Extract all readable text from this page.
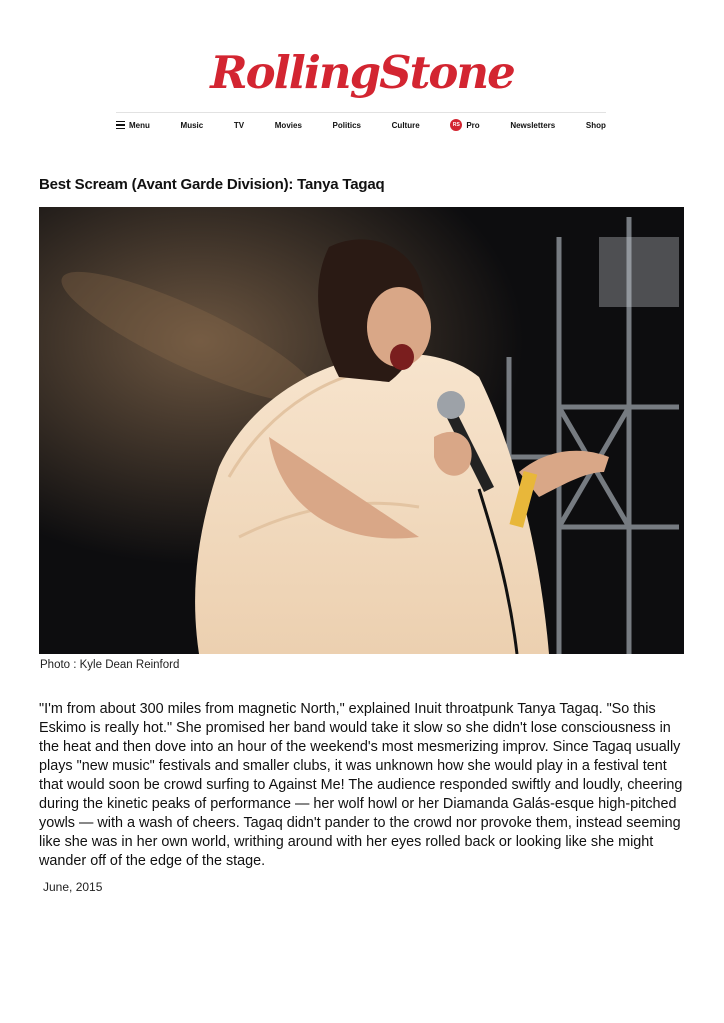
RollingStone
Menu	Music	TV	Movies	Politics	Culture	RS Pro	Newsletters	Shop
Best Scream (Avant Garde Division): Tanya Tagaq
Photo : Kyle Dean Reinford

"I'm from about 300 miles from magnetic North," explained Inuit throatpunk Tanya Tagaq. "So this Eskimo is really hot." She promised her band would take it slow so she didn't lose consciousness in the heat and then dove into an hour of the weekend's most mesmerizing improv. Since Tagaq usually plays "new music" festivals and smaller clubs, it was unknown how she would play in a festival tent that would soon be crowd surfing to Against Me! The audience responded swiftly and loudly, cheering during the kinetic peaks of performance — her wolf howl or her Diamanda Galás-esque high-pitched yowls — with a wash of cheers. Tagaq didn't pander to the crowd nor provoke them, instead seeming like she was in her own world, writhing around with her eyes rolled back or looking like she might wander off of the edge of the stage.

June, 2015
